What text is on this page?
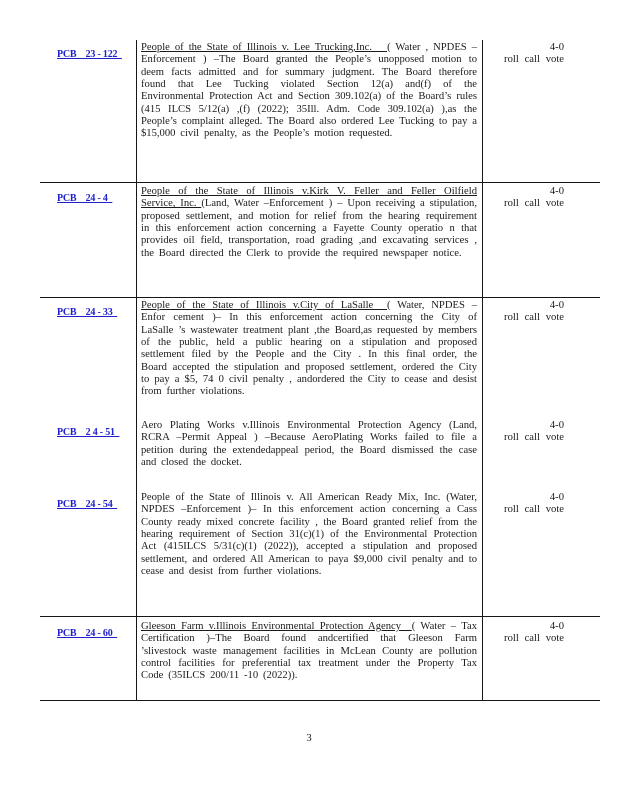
PCB    23 - 122
People of the State of Illinois v. Lee Trucking,Inc.   ( Water , NPDES –Enforcement ) –The Board granted the People’s unopposed motion to deem facts admitted and for summary judgment. The Board therefore found that Lee Tucking violated Section 12(a) and(f) of the Environmental Protection Act and Section 309.102(a) of the Board’s rules (415 ILCS 5/12(a) ,(f) (2022); 35Ill. Adm. Code 309.102(a) ),as the People’s complaint alleged. The Board also ordered Lee Tucking to pay a $15,000 civil penalty, as the People’s motion requested.
4-0
roll call vote
PCB    24 - 4
People of the State of Illinois v.Kirk V. Feller and Feller Oilfield Service, Inc. (Land, Water –Enforcement ) – Upon receiving a stipulation, proposed settlement, and motion for relief from the hearing requirement in this enforcement action concerning a Fayette County operatio n that provides oil field, transportation, road grading ,and excavating services , the Board directed the Clerk to provide the required newspaper notice.
4-0
roll call vote
PCB    24 - 33
People of the State of Illinois v.City of LaSalle  ( Water, NPDES – Enfor cement )– In this enforcement action concerning the City of LaSalle ’s wastewater treatment plant ,the Board,as requested by members of the public, held a public hearing on a stipulation and proposed settlement filed by the People and the City . In this final order, the Board accepted the stipulation and proposed settlement, ordered the City to pay a $5, 74 0 civil penalty , andordered the City to cease and desist from further violations.
4-0
roll call vote
PCB    2 4 - 51
Aero Plating Works v.Illinois Environmental Protection Agency (Land, RCRA –Permit Appeal ) –Because AeroPlating Works failed to file a petition during the extendedappeal period, the Board dismissed the case and closed the docket.
4-0
roll call vote
PCB    24 - 54
People of the State of Illinois v. All American Ready Mix, Inc. (Water, NPDES –Enforcement )– In this enforcement action concerning a Cass County ready mixed concrete facility , the Board granted relief from the hearing requirement of Section 31(c)(1) of the Environmental Protection Act (415ILCS 5/31(c)(1) (2022)), accepted a stipulation and proposed settlement, and ordered All American to paya $9,000 civil penalty and to cease and desist from further violations.
4-0
roll call vote
PCB    24 - 60
Gleeson Farm v.Illinois Environmental Protection Agency  ( Water – Tax Certification )–The Board found andcertified that Gleeson Farm ’slivestock waste management facilities in McLean County are pollution control facilities for preferential tax treatment under the Property Tax Code (35ILCS 200/11 -10 (2022)).
4-0
roll call vote
3
